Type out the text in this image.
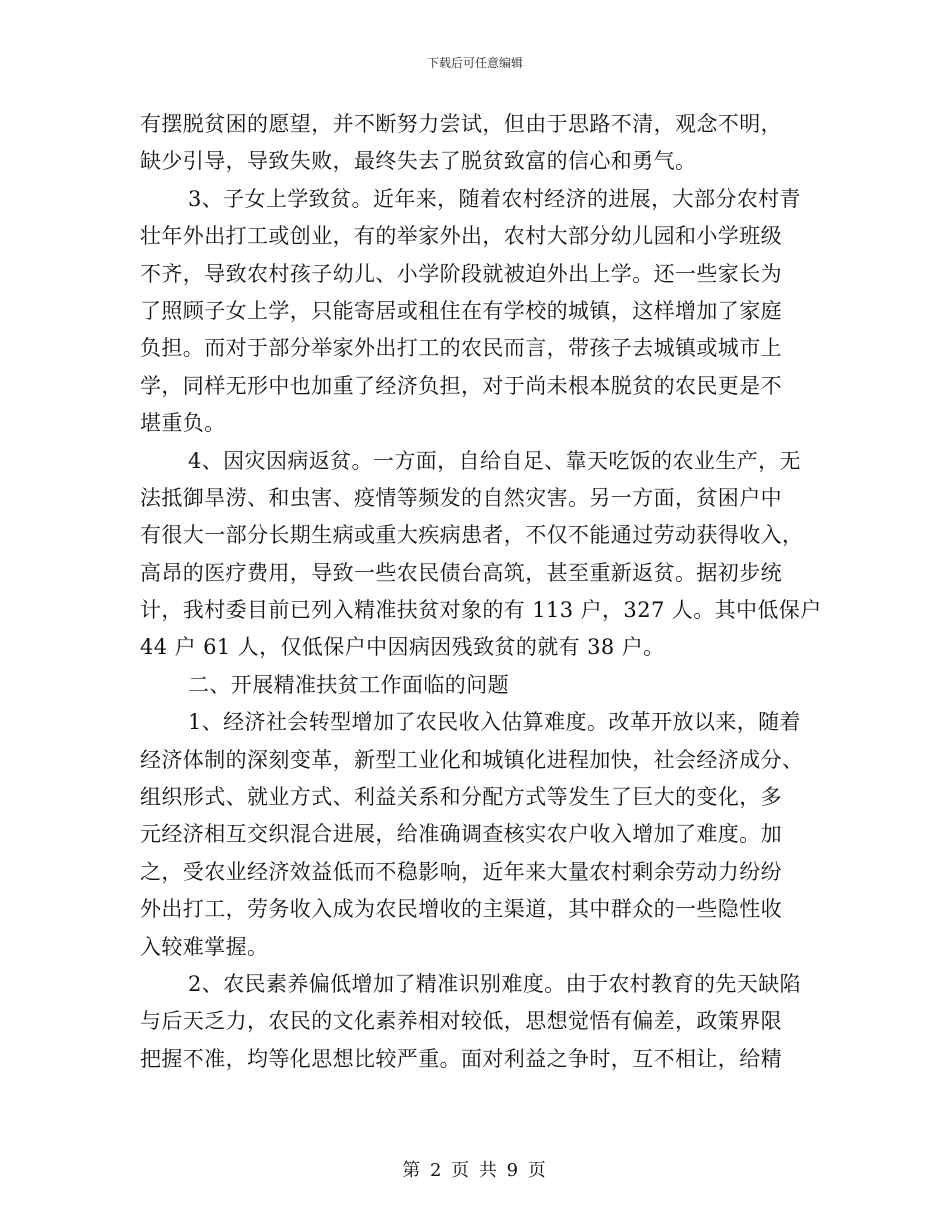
下载后可任意编辑
有摆脱贫困的愿望，并不断努力尝试，但由于思路不清，观念不明，
缺少引导，导致失败，最终失去了脱贫致富的信心和勇气。
3、子女上学致贫。近年来，随着农村经济的进展，大部分农村青
壮年外出打工或创业，有的举家外出，农村大部分幼儿园和小学班级
不齐，导致农村孩子幼儿、小学阶段就被迫外出上学。还一些家长为
了照顾子女上学，只能寄居或租住在有学校的城镇，这样增加了家庭
负担。而对于部分举家外出打工的农民而言，带孩子去城镇或城市上
学，同样无形中也加重了经济负担，对于尚未根本脱贫的农民更是不
堪重负。
4、因灾因病返贫。一方面，自给自足、靠天吃饭的农业生产，无
法抵御旱涝、和虫害、疫情等频发的自然灾害。另一方面，贫困户中
有很大一部分长期生病或重大疾病患者，不仅不能通过劳动获得收入，
高昂的医疗费用，导致一些农民债台高筑，甚至重新返贫。据初步统
计，我村委目前已列入精准扶贫对象的有 113 户，327 人。其中低保户
44 户 61 人，仅低保户中因病因残致贫的就有 38 户。
二、开展精准扶贫工作面临的问题
1、经济社会转型增加了农民收入估算难度。改革开放以来，随着
经济体制的深刻变革，新型工业化和城镇化进程加快，社会经济成分、
组织形式、就业方式、利益关系和分配方式等发生了巨大的变化，多
元经济相互交织混合进展，给准确调查核实农户收入增加了难度。加
之，受农业经济效益低而不稳影响，近年来大量农村剩余劳动力纷纷
外出打工，劳务收入成为农民增收的主渠道，其中群众的一些隐性收
入较难掌握。
2、农民素养偏低增加了精准识别难度。由于农村教育的先天缺陷
与后天乏力，农民的文化素养相对较低，思想觉悟有偏差，政策界限
把握不准，均等化思想比较严重。面对利益之争时，互不相让，给精
第 2 页 共 9 页
